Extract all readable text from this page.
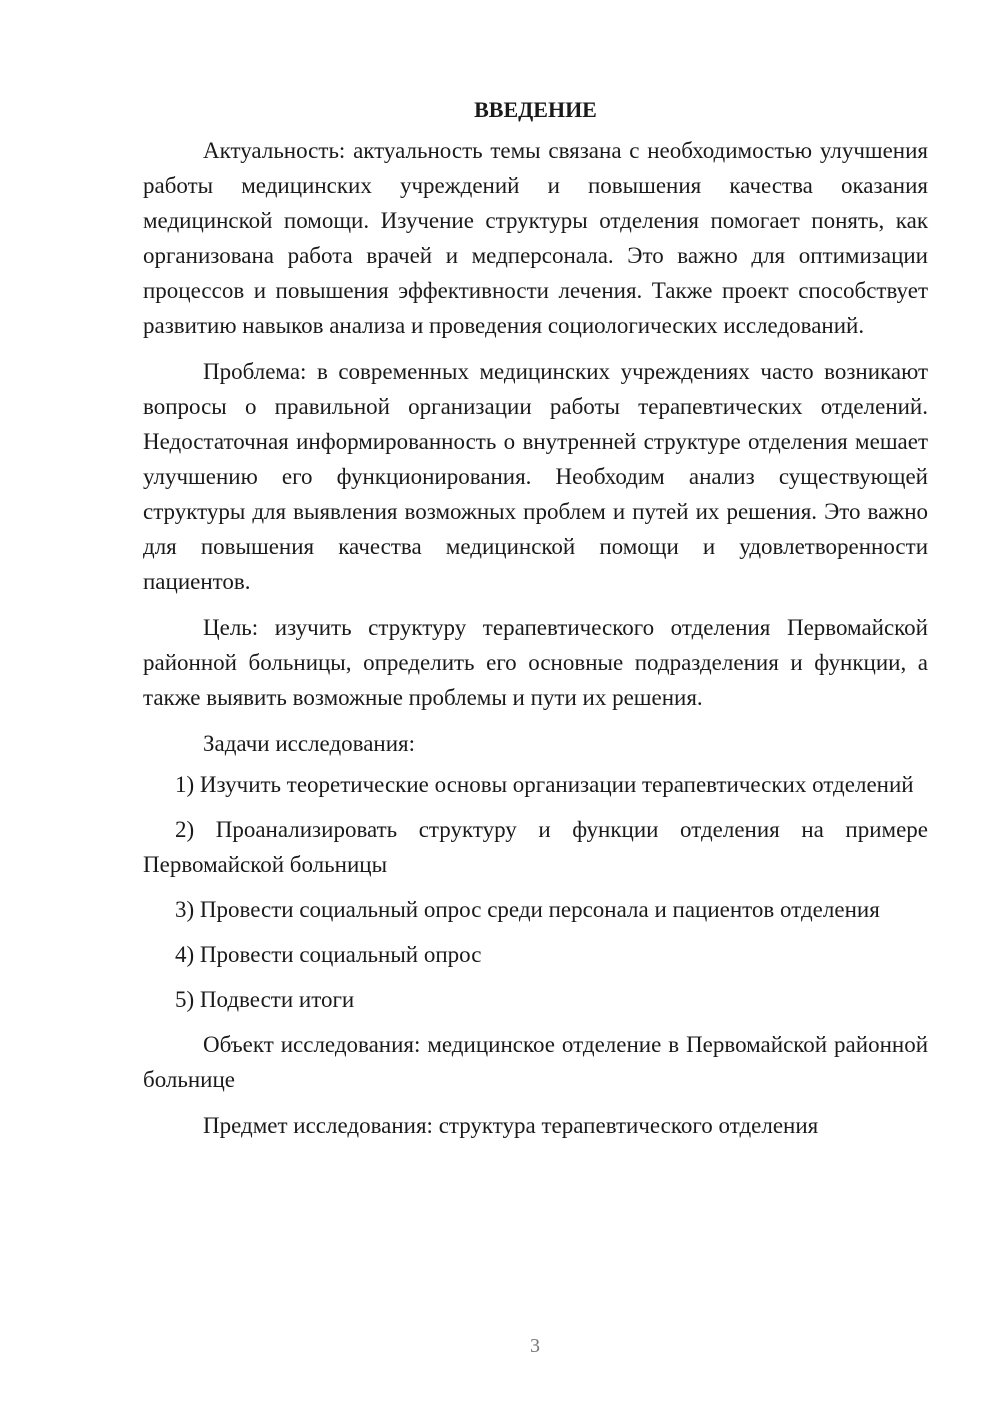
ВВЕДЕНИЕ

Актуальность: актуальность темы связана с необходимостью улучшения работы медицинских учреждений и повышения качества оказания медицинской помощи. Изучение структуры отделения помогает понять, как организована работа врачей и медперсонала. Это важно для оптимизации процессов и повышения эффективности лечения. Также проект способствует развитию навыков анализа и проведения социологических исследований.

Проблема: в современных медицинских учреждениях часто возникают вопросы о правильной организации работы терапевтических отделений. Недостаточная информированность о внутренней структуре отделения мешает улучшению его функционирования. Необходим анализ существующей структуры для выявления возможных проблем и путей их решения. Это важно для повышения качества медицинской помощи и удовлетворенности пациентов.

Цель: изучить структуру терапевтического отделения Первомайской районной больницы, определить его основные подразделения и функции, а также выявить возможные проблемы и пути их решения.

Задачи исследования:

1) Изучить теоретические основы организации терапевтических отделений

2) Проанализировать структуру и функции отделения на примере Первомайской больницы

3) Провести социальный опрос среди персонала и пациентов отделения

4) Провести социальный опрос

5) Подвести итоги

Объект исследования: медицинское отделение в Первомайской районной больнице

Предмет исследования: структура терапевтического отделения

3
